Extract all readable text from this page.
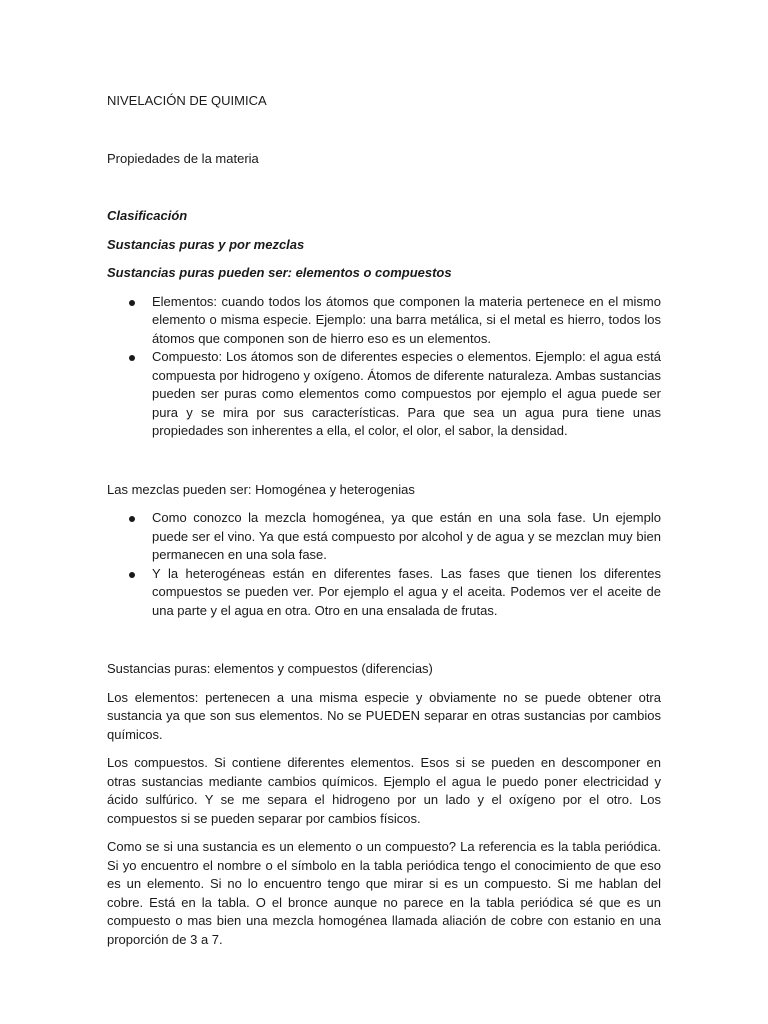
NIVELACIÓN DE QUIMICA

Propiedades de la materia

Clasificación

Sustancias puras y por mezclas

Sustancias puras pueden ser: elementos o compuestos

Elementos: cuando todos los átomos que componen la materia pertenece en el mismo elemento o misma especie. Ejemplo: una barra metálica, si el metal es hierro, todos los átomos que componen son de hierro eso es un elementos.
Compuesto: Los átomos son de diferentes especies o elementos. Ejemplo: el agua está compuesta por hidrogeno y oxígeno. Átomos de diferente naturaleza. Ambas sustancias pueden ser puras como elementos como compuestos por ejemplo el agua puede ser pura y se mira por sus características. Para que sea un agua pura tiene unas propiedades son inherentes a ella, el color, el olor, el sabor, la densidad.

Las mezclas pueden ser: Homogénea y heterogenias

Como conozco la mezcla homogénea, ya que están en una sola fase. Un ejemplo puede ser el vino. Ya que está compuesto por alcohol y de agua y se mezclan muy bien permanecen en una sola fase.
Y la heterogéneas están en diferentes fases. Las fases que tienen los diferentes compuestos se pueden ver. Por ejemplo el agua y el aceita. Podemos ver el aceite de una parte y el agua en otra. Otro en una ensalada de frutas.

Sustancias puras: elementos y compuestos (diferencias)

Los elementos: pertenecen a una misma especie y obviamente no se puede obtener otra sustancia ya que son sus elementos. No se PUEDEN separar en otras sustancias por cambios químicos.

Los compuestos. Si contiene diferentes elementos. Esos si se pueden en descomponer en otras sustancias mediante cambios químicos. Ejemplo el agua le puedo poner electricidad y ácido sulfúrico. Y se me separa el hidrogeno por un lado y el oxígeno por el otro. Los compuestos si se pueden separar por cambios físicos.

Como se si una sustancia es un elemento o un compuesto? La referencia es la tabla periódica. Si yo encuentro el nombre o el símbolo en la tabla periódica tengo el conocimiento de que eso es un elemento. Si no lo encuentro tengo que mirar si es un compuesto. Si me hablan del cobre. Está en la tabla. O el bronce aunque no parece en la tabla periódica sé que es un compuesto o mas bien una mezcla homogénea llamada aliación de cobre con estanio en una proporción de 3 a 7.
